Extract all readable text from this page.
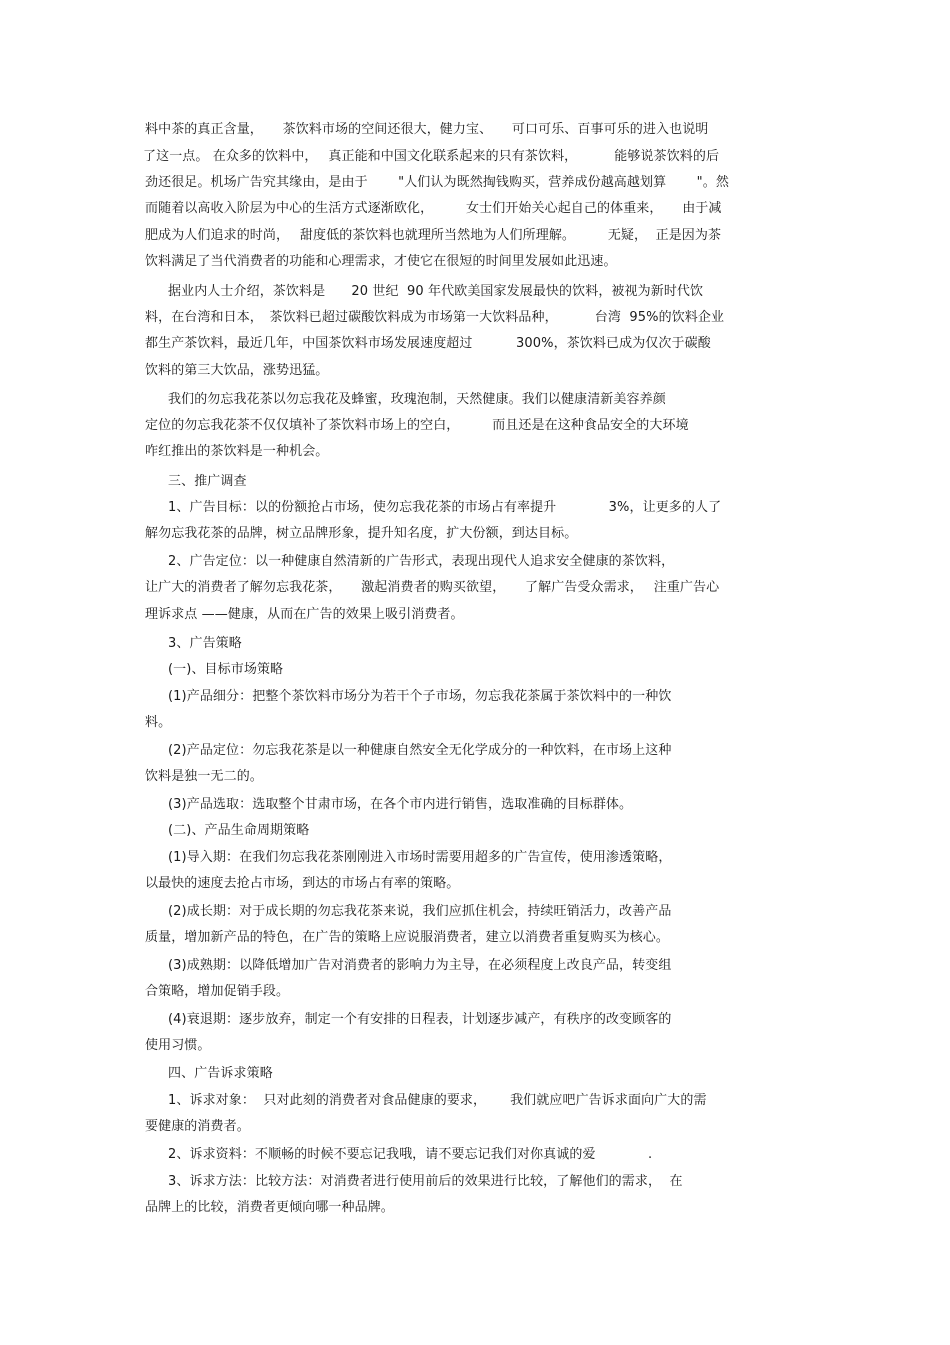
料中茶的真正含量，　　茶饮料市场的空间还很大，健力宝、　　可口可乐、百事可乐的进入也说明
了这一点。 在众多的饮料中，　 真正能和中国文化联系起来的只有茶饮料，　　　 能够说茶饮料的后
劲还很足。机场广告究其缘由，是由于　　 "人们认为既然掏钱购买，营养成份越高越划算　　 "。然
而随着以高收入阶层为中心的生活方式逐渐欧化，　　　女士们开始关心起自己的体重来，　　由于减
肥成为人们追求的时尚，　 甜度低的茶饮料也就理所当然地为人们所理解。　　　无疑，  正是因为茶
饮料满足了当代消费者的功能和心理需求，才使它在很短的时间里发展如此迅速。
据业内人士介绍，茶饮料是　　20 世纪  90 年代欧美国家发展最快的饮料，被视为新时代饮
料，在台湾和日本，　茶饮料已超过碳酸饮料成为市场第一大饮料品种，　　　 台湾  95%的饮料企业
都生产茶饮料，最近几年，中国茶饮料市场发展速度超过　　　 300%，茶饮料已成为仅次于碳酸
饮料的第三大饮品，涨势迅猛。
我们的勿忘我花茶以勿忘我花及蜂蜜，玫瑰泡制，天然健康。我们以健康清新美容养颜
定位的勿忘我花茶不仅仅填补了茶饮料市场上的空白，　　　而且还是在这种食品安全的大环境
咋红推出的茶饮料是一种机会。
三、推广调查
1、广告目标：以的份额抢占市场，使勿忘我花茶的市场占有率提升　　　　3%，让更多的人了
解勿忘我花茶的品牌，树立品牌形象，提升知名度，扩大份额，到达目标。
2、广告定位：以一种健康自然清新的广告形式，表现出现代人追求安全健康的茶饮料，
让广大的消费者了解勿忘我花茶，　　激起消费者的购买欲望，　　了解广告受众需求，　 注重广告心
理诉求点 ——健康，从而在广告的效果上吸引消费者。
3、广告策略
(一)、目标市场策略
(1)产品细分：把整个茶饮料市场分为若干个子市场，勿忘我花茶属于茶饮料中的一种饮
料。
(2)产品定位：勿忘我花茶是以一种健康自然安全无化学成分的一种饮料，在市场上这种
饮料是独一无二的。
(3)产品选取：选取整个甘肃市场，在各个市内进行销售，选取准确的目标群体。
(二)、产品生命周期策略
(1)导入期：在我们勿忘我花茶刚刚进入市场时需要用超多的广告宣传，使用渗透策略，
以最快的速度去抢占市场，到达的市场占有率的策略。
(2)成长期：对于成长期的勿忘我花茶来说，我们应抓住机会，持续旺销活力，改善产品
质量，增加新产品的特色，在广告的策略上应说服消费者，建立以消费者重复购买为核心。
(3)成熟期：以降低增加广告对消费者的影响力为主导，在必须程度上改良产品，转变组
合策略，增加促销手段。
(4)衰退期：逐步放弃，制定一个有安排的日程表，计划逐步减产，有秩序的改变顾客的
使用习惯。
四、广告诉求策略
1、诉求对象：  只对此刻的消费者对食品健康的要求，　　 我们就应吧广告诉求面向广大的需
要健康的消费者。
2、诉求资料：不顺畅的时候不要忘记我哦，请不要忘记我们对你真诚的爱　　　　.
3、诉求方法：比较方法：对消费者进行使用前后的效果进行比较，了解他们的需求，  在
品牌上的比较，消费者更倾向哪一种品牌。
